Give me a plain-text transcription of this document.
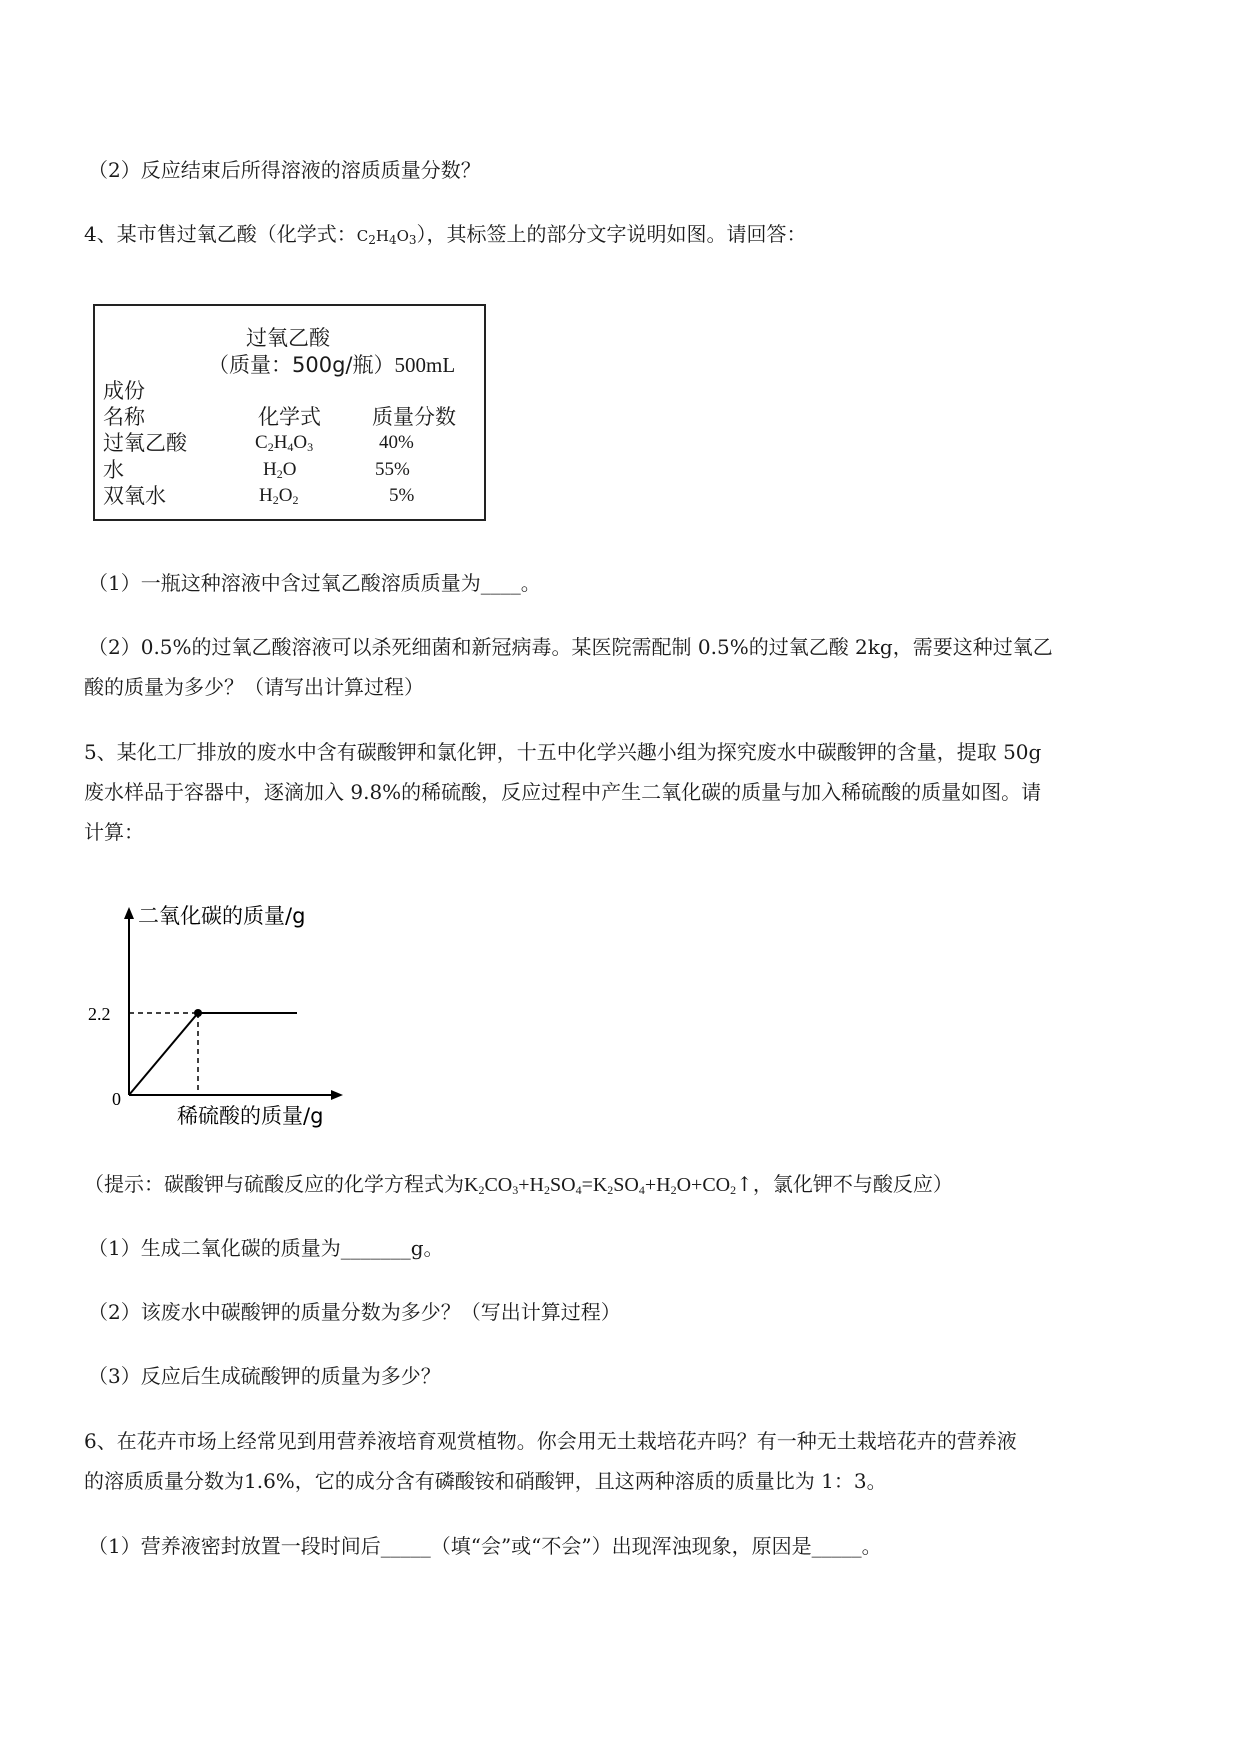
（2）反应结束后所得溶液的溶质质量分数？
4、某市售过氧乙酸（化学式：$C_2H_4O_3$），其标签上的部分文字说明如图。请回答：
过氧乙酸
（质量：500g/瓶）500mL
成份
名称	化学式 质量分数
过氧乙酸	$C_2H_4O_3$	40%
水	$H_2O$	55%
双氧水	$H_2O_2$	5%
（1）一瓶这种溶液中含过氧乙酸溶质质量为____。
（2）0.5%的过氧乙酸溶液可以杀死细菌和新冠病毒。某医院需配制 0.5%的过氧乙酸 2kg，需要这种过氧乙
酸的质量为多少？（请写出计算过程）
5、某化工厂排放的废水中含有碳酸钾和氯化钾，十五中化学兴趣小组为探究废水中碳酸钾的含量，提取 50g
废水样品于容器中，逐滴加入 9.8%的稀硫酸，反应过程中产生二氧化碳的质量与加入稀硫酸的质量如图。请
计算：
二氧化碳的质量/g
稀硫酸的质量/g
0
2.2
（提示：碳酸钾与硫酸反应的化学方程式为$K_2CO_3+H_2SO_4=K_2SO_4+H_2O+CO_2↑$，氯化钾不与酸反应）
（1）生成二氧化碳的质量为_______g。
（2）该废水中碳酸钾的质量分数为多少？（写出计算过程）
（3）反应后生成硫酸钾的质量为多少？
6、在花卉市场上经常见到用营养液培育观赏植物。你会用无土栽培花卉吗？有一种无土栽培花卉的营养液
的溶质质量分数为1.6%，它的成分含有磷酸铵和硝酸钾，且这两种溶质的质量比为 1：3。
（1）营养液密封放置一段时间后_____（填“会”或“不会”）出现浑浊现象，原因是_____。
